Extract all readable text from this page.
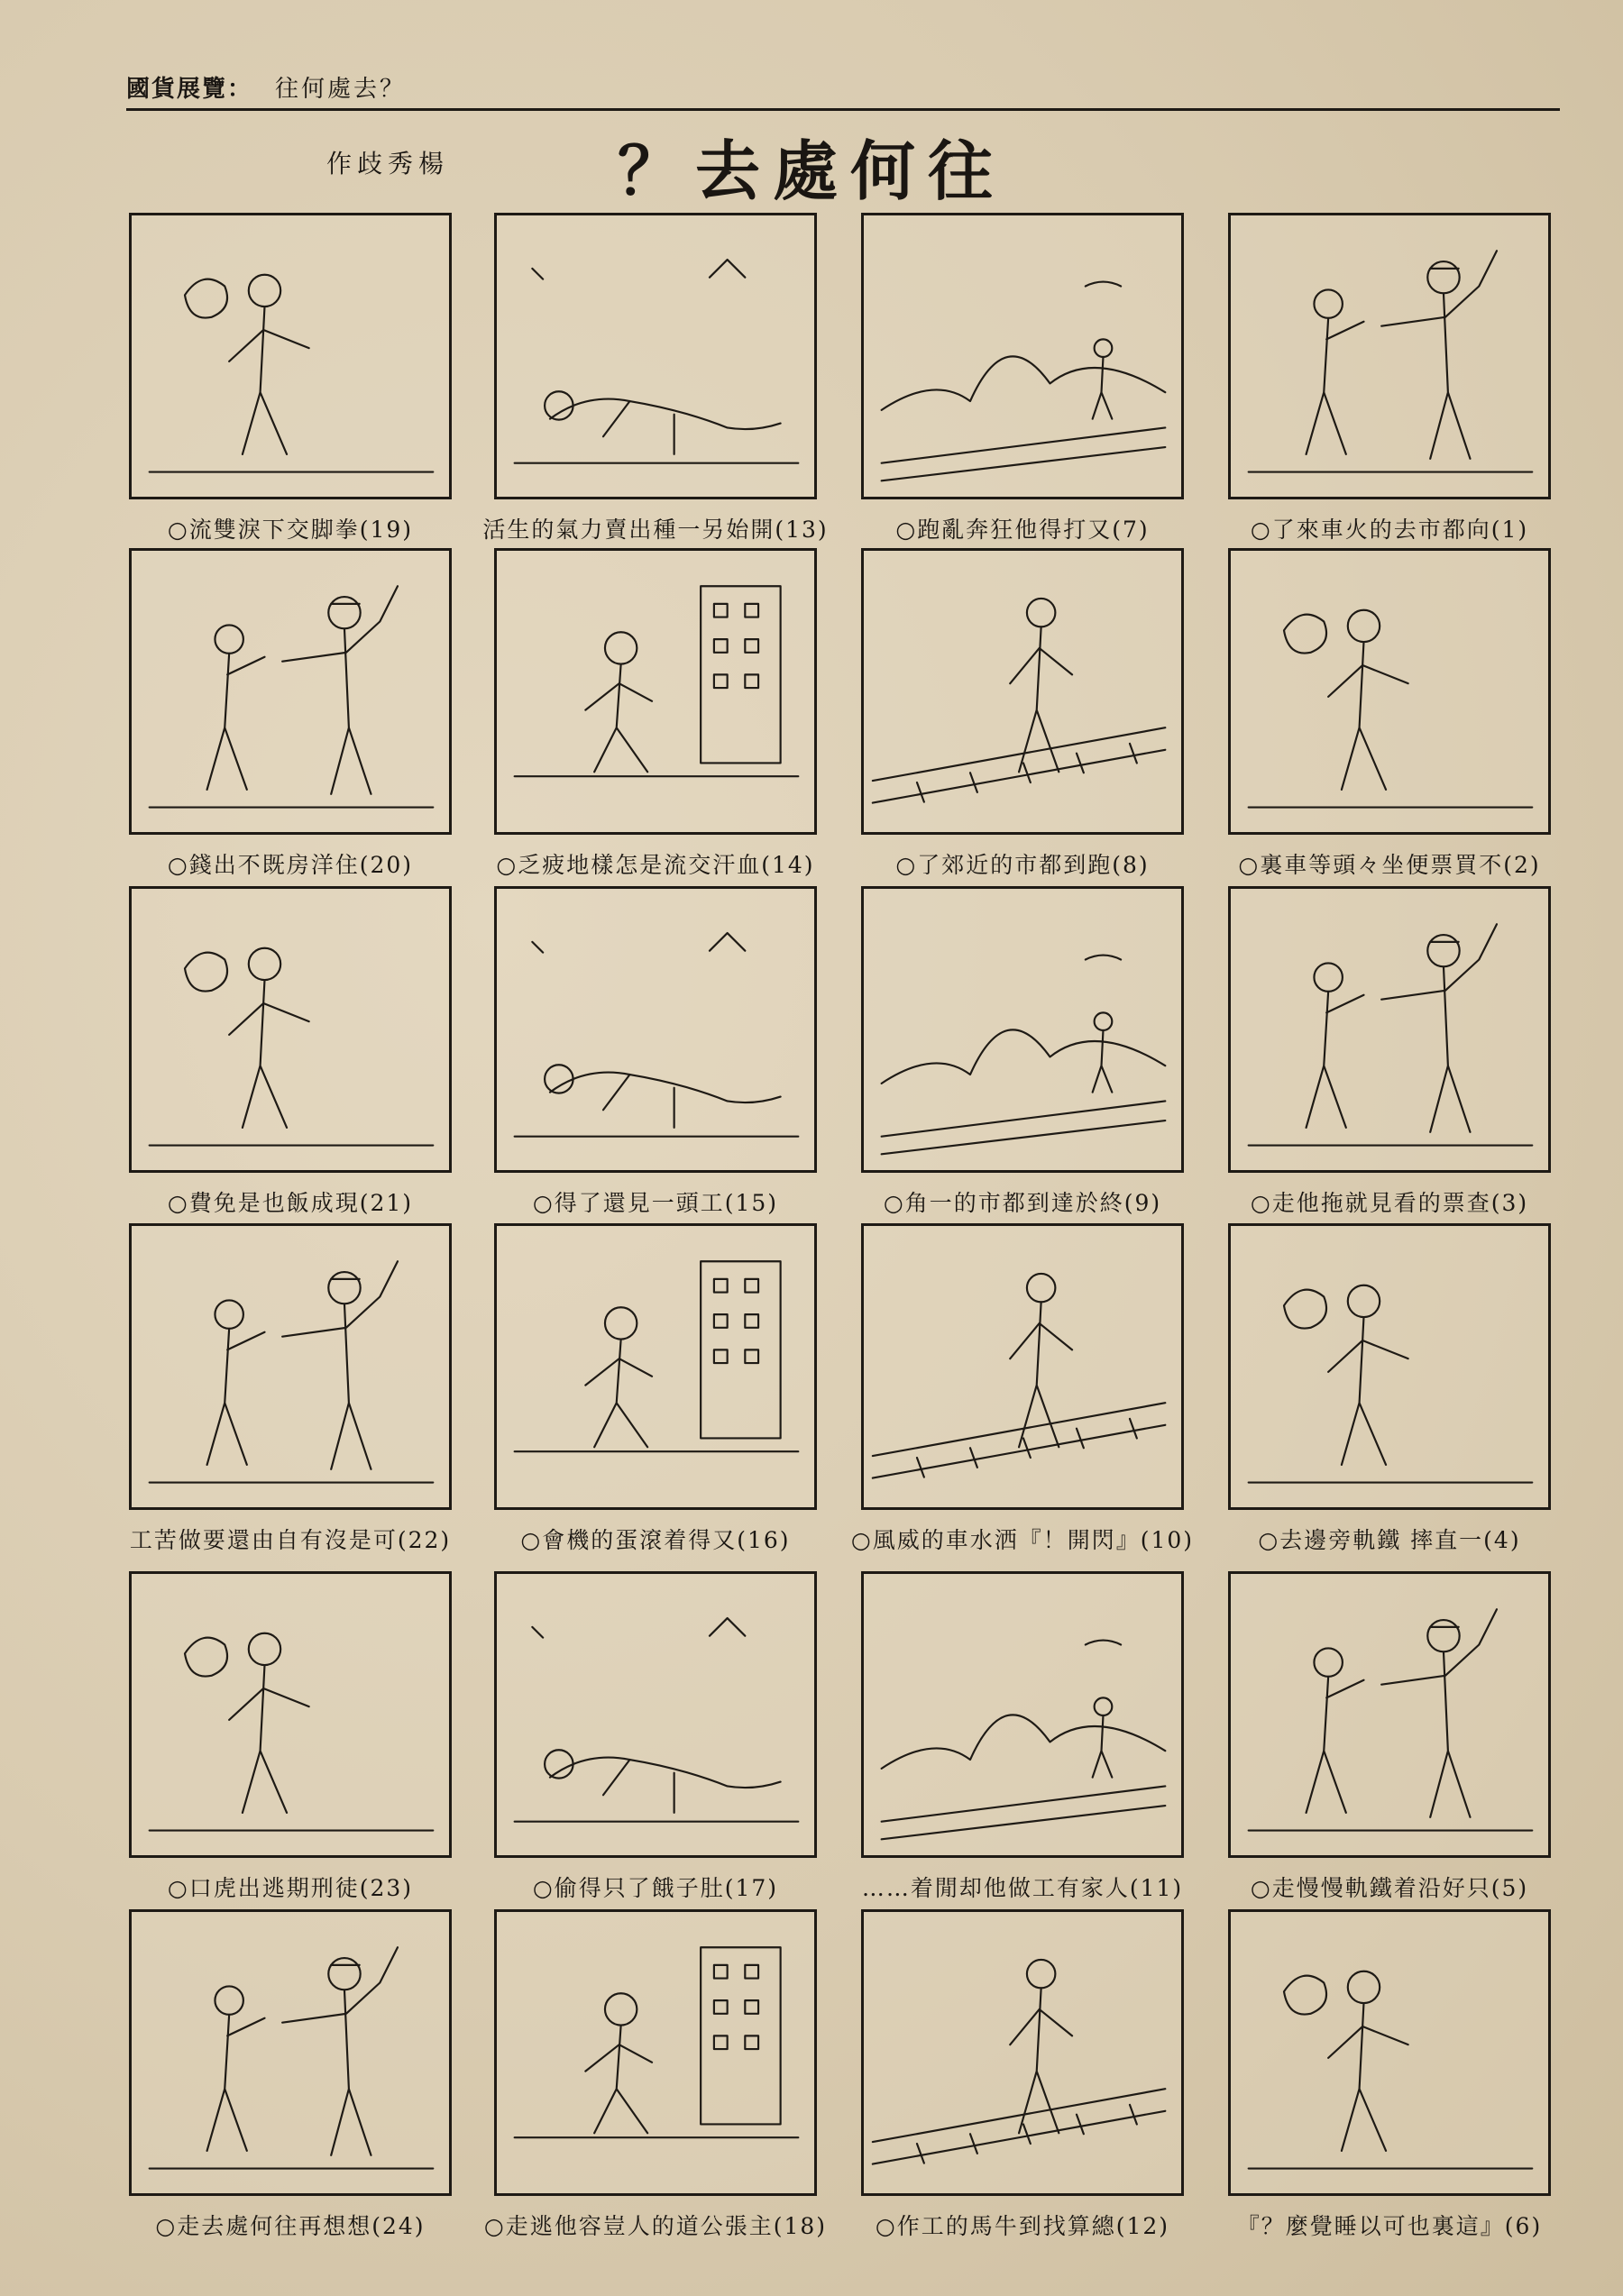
國貨展覽： 往何處去？
？去處何往
作歧秀楊
○流雙淚下交脚拳(19)	活生的氣力賣出種一另始開(13)	○跑亂奔狂他得打又(7)	○了來車火的去市都向(1)
○錢出不既房洋住(20)	○乏疲地樣怎是流交汗血(14)	○了郊近的市都到跑(8)	○裏車等頭々坐便票買不(2)
○費免是也飯成現(21)	○得了還見一頭工(15)	○角一的市都到達於終(9)	○走他拖就見看的票查(3)
工苦做要還由自有沒是可(22)	○會機的蛋滾着得又(16)	○風威的車水洒『！開閃』(10)	○去邊旁軌鐵 摔直一(4)
○口虎出逃期刑徒(23)	○偷得只了餓子肚(17)	……着閒却他做工有家人(11)	○走慢慢軌鐵着沿好只(5)
○走去處何往再想想(24)	○走逃他容豈人的道公張主(18)	○作工的馬牛到找算總(12)	『？麼覺睡以可也裏這』(6)
